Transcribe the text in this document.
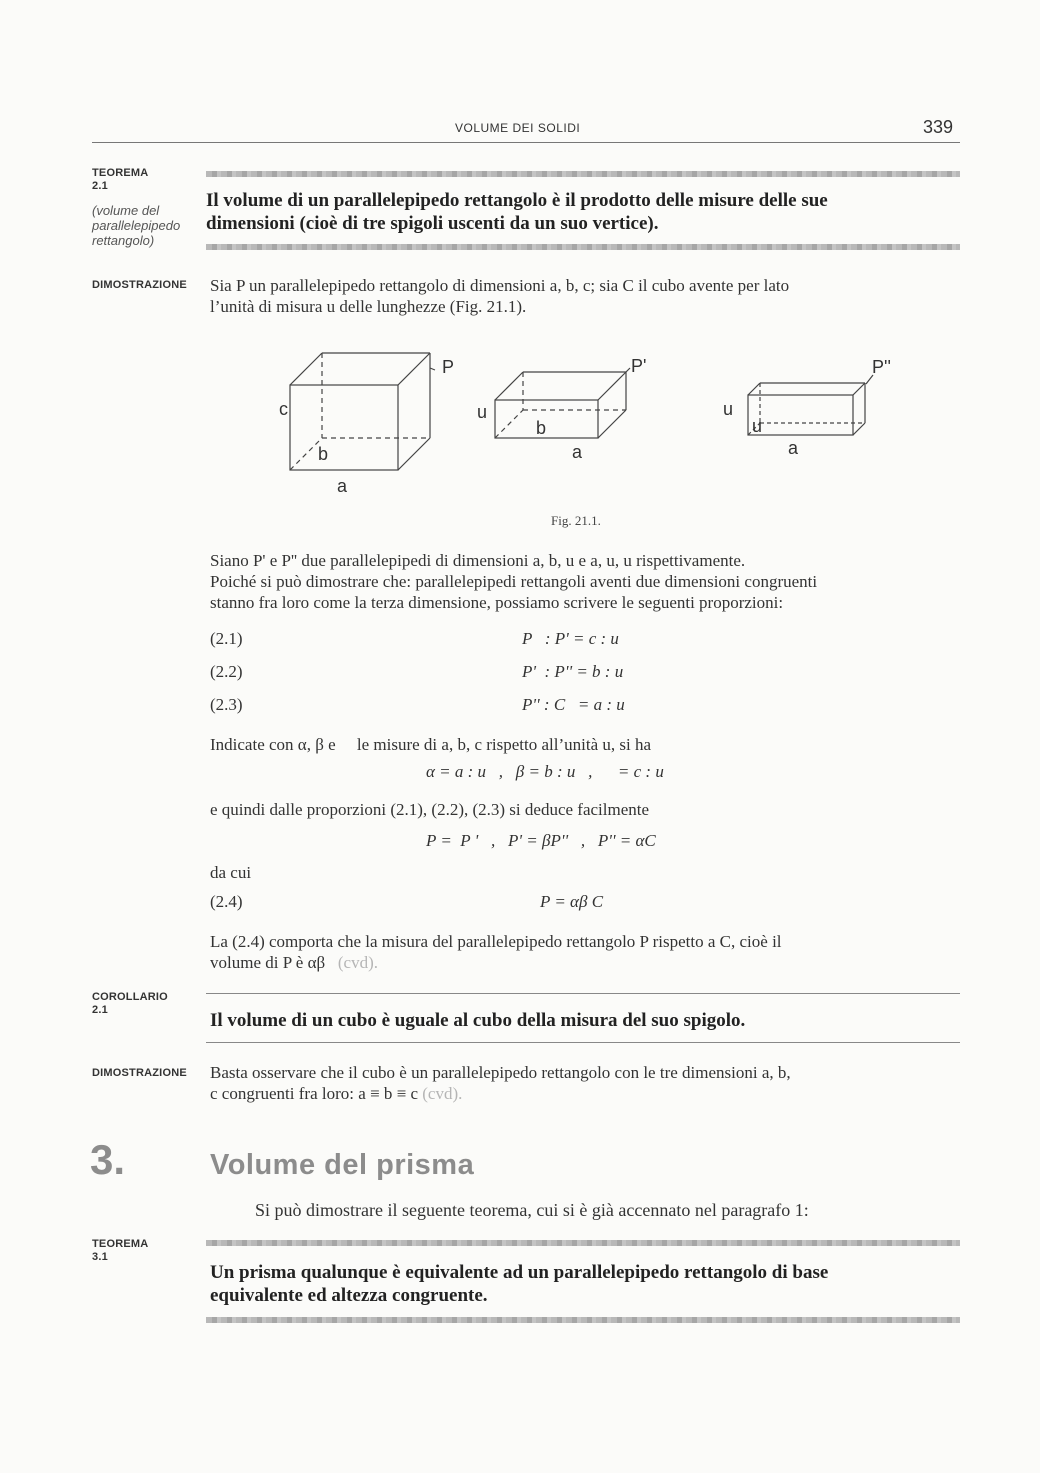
VOLUME DEI SOLIDI	339
TEOREMA
2.1
(volume del
parallelepipedo
rettangolo)
Il volume di un parallelepipedo rettangolo è il prodotto delle misure delle sue
dimensioni (cioè di tre spigoli uscenti da un suo vertice).
DIMOSTRAZIONE Sia P un parallelepipedo rettangolo di dimensioni a, b, c; sia C il cubo avente per lato
l’unità di misura u delle lunghezze (Fig. 21.1).
P	P'	P''
c
b
a
u
b
a
u
u
a
Fig. 21.1.
Siano P' e P'' due parallelepipedi di dimensioni a, b, u e a, u, u rispettivamente.
Poiché si può dimostrare che: parallelepipedi rettangoli aventi due dimensioni congruenti
stanno fra loro come la terza dimensione, possiamo scrivere le seguenti proporzioni:
(2.1)	P   : P' = c : u
(2.2)	P'  : P'' = b : u
(2.3)	P'' : C   = a : u
Indicate con α, β e     le misure di a, b, c rispetto all’unità u, si ha
α = a : u   ,   β = b : u   ,      = c : u
e quindi dalle proporzioni (2.1), (2.2), (2.3) si deduce facilmente
P =  P '   ,   P' = βP''   ,   P'' = αC
da cui
(2.4)	P = αβ C
La (2.4) comporta che la misura del parallelepipedo rettangolo P rispetto a C, cioè il
volume di P è αβ (cvd).
COROLLARIO
2.1	Il volume di un cubo è uguale al cubo della misura del suo spigolo.
DIMOSTRAZIONE Basta osservare che il cubo è un parallelepipedo rettangolo con le tre dimensioni a, b,
c congruenti fra loro: a ≡ b ≡ c (cvd).
3.	Volume del prisma
Si può dimostrare il seguente teorema, cui si è già accennato nel paragrafo 1:
TEOREMA
3.1
Un prisma qualunque è equivalente ad un parallelepipedo rettangolo di base
equivalente ed altezza congruente.
